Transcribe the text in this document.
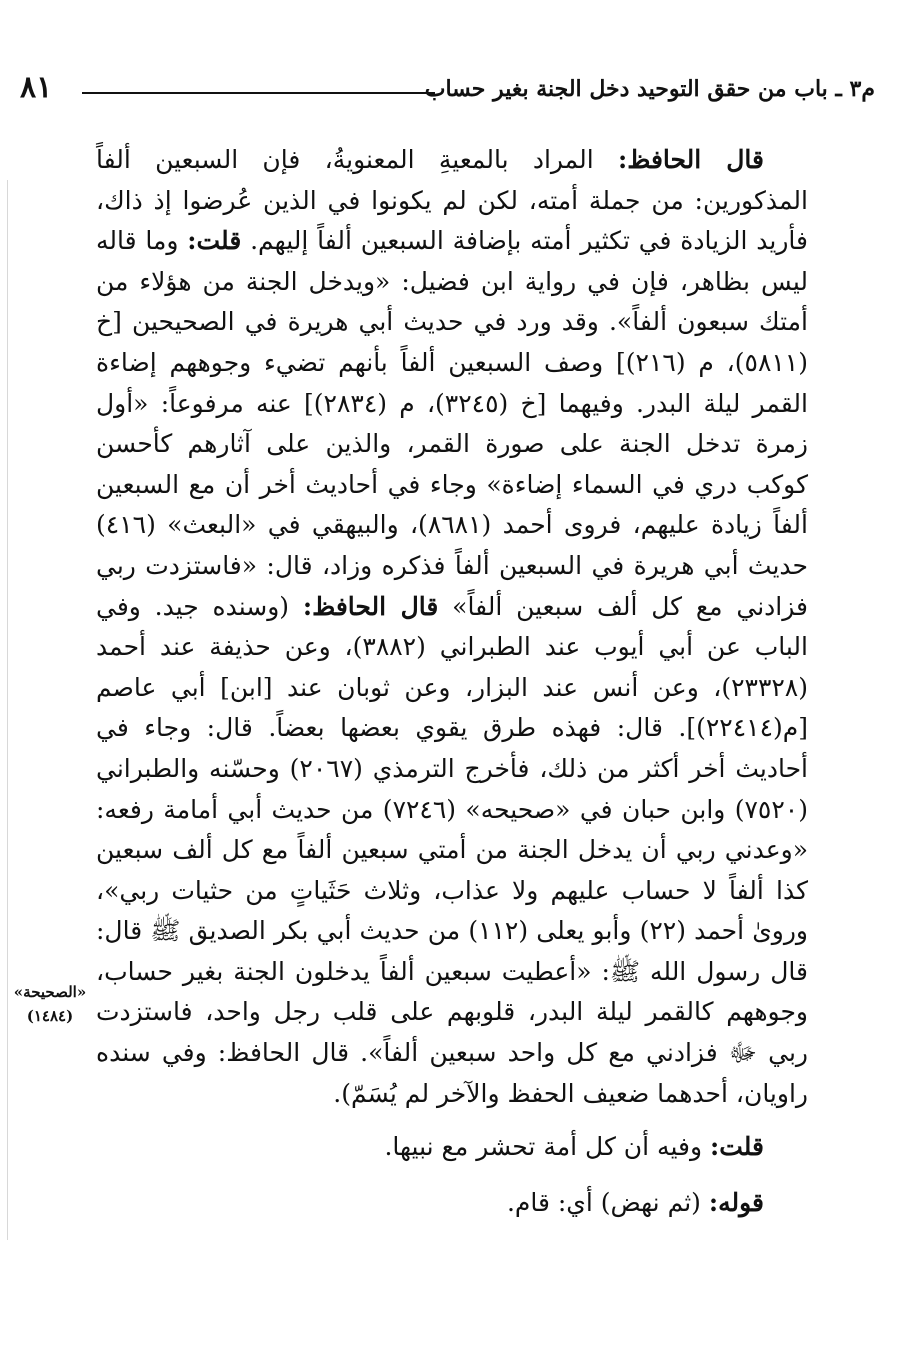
م٣ ـ باب من حقق التوحيد دخل الجنة بغير حساب
٨١
«الصحيحة»
(١٤٨٤)

قال الحافظ: المراد بالمعيةِ المعنويةُ، فإن السبعين ألفاً المذكورين: من جملة أمته، لكن لم يكونوا في الذين عُرضوا إذ ذاك، فأريد الزيادة في تكثير أمته بإضافة السبعين ألفاً إليهم. قلت: وما قاله ليس بظاهر، فإن في رواية ابن فضيل: «ويدخل الجنة من هؤلاء من أمتك سبعون ألفاً». وقد ورد في حديث أبي هريرة في الصحيحين [خ (٥٨١١)، م (٢١٦)] وصف السبعين ألفاً بأنهم تضيء وجوههم إضاءة القمر ليلة البدر. وفيهما [خ (٣٢٤٥)، م (٢٨٣٤)] عنه مرفوعاً: «أول زمرة تدخل الجنة على صورة القمر، والذين على آثارهم كأحسن كوكب دري في السماء إضاءة» وجاء في أحاديث أخر أن مع السبعين ألفاً زيادة عليهم، فروى أحمد (٨٦٨١)، والبيهقي في «البعث» (٤١٦) حديث أبي هريرة في السبعين ألفاً فذكره وزاد، قال: «فاستزدت ربي فزادني مع كل ألف سبعين ألفاً» قال الحافظ: (وسنده جيد. وفي الباب عن أبي أيوب عند الطبراني (٣٨٨٢)، وعن حذيفة عند أحمد (٢٣٣٢٨)، وعن أنس عند البزار، وعن ثوبان عند [ابن] أبي عاصم [م(٢٢٤١٤)]. قال: فهذه طرق يقوي بعضها بعضاً. قال: وجاء في أحاديث أخر أكثر من ذلك، فأخرج الترمذي (٢٠٦٧) وحسّنه والطبراني (٧٥٢٠) وابن حبان في «صحيحه» (٧٢٤٦) من حديث أبي أمامة رفعه: «وعدني ربي أن يدخل الجنة من أمتي سبعين ألفاً مع كل ألف سبعين كذا ألفاً لا حساب عليهم ولا عذاب، وثلاث حَثَياتٍ من حثيات ربي»، وروىٰ أحمد (٢٢) وأبو يعلى (١١٢) من حديث أبي بكر الصديق ﷺ قال: قال رسول الله ﷺ: «أعطيت سبعين ألفاً يدخلون الجنة بغير حساب، وجوههم كالقمر ليلة البدر، قلوبهم على قلب رجل واحد، فاستزدت ربي ﷻ فزادني مع كل واحد سبعين ألفاً». قال الحافظ: وفي سنده راويان، أحدهما ضعيف الحفظ والآخر لم يُسَمّ).

قلت: وفيه أن كل أمة تحشر مع نبيها.

قوله: (ثم نهض) أي: قام.
